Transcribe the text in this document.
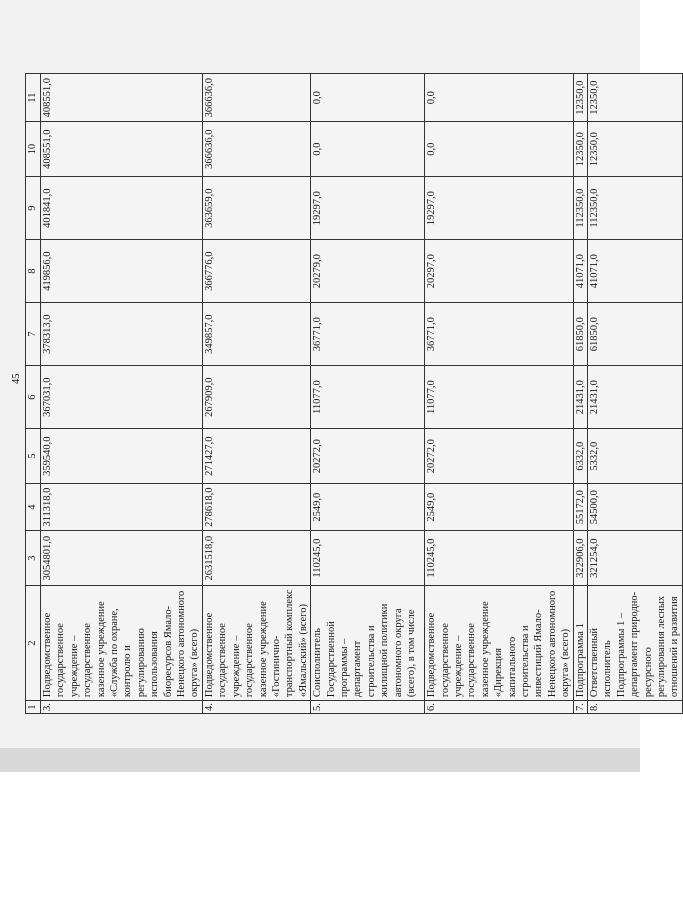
45
1	2	3	4	5	6	7	8	9	10	11
3.	Подведомственное государственное учреждение – государственное казенное учреждение «Служба по охране, контролю и регулированию использования биоресурсов Ямало-Ненецкого автономного округа» (всего)	3054801,0	311318,0	359540,0	367031,0	378313,0	419856,0	401841,0	408551,0	408551,0
4.	Подведомственное государственное учреждение – государственное казенное учреждение «Гостинично-транспортный комплекс «Ямальский» (всего)	2631518,0	278618,0	271427,0	267909,0	349857,0	366776,0	363659,0	366636,0	366636,0
5.	Соисполнитель Государственной программы – департамент строительства и жилищной политики автономного округа (всего), в том числе	110245,0	2549,0	20272,0	11077,0	36771,0	20279,0	19297,0	0,0	0,0
6.	Подведомственное государственное учреждение – государственное казенное учреждение «Дирекция капитального строительства и инвестиций Ямало-Ненецкого автономного округа» (всего)	110245,0	2549,0	20272,0	11077,0	36771,0	20297,0	19297,0	0,0	0,0
7.	Подпрограмма 1	322906,0	55172,0	6332,0	21431,0	61850,0	41071,0	112350,0	12350,0	12350,0
8.	Ответственный исполнитель Подпрограммы 1 – департамент природно-ресурсного регулирования лесных отношений и развития	321254,0	54500,0	5332,0	21431,0	61850,0	41071,0	112350,0	12350,0	12350,0
